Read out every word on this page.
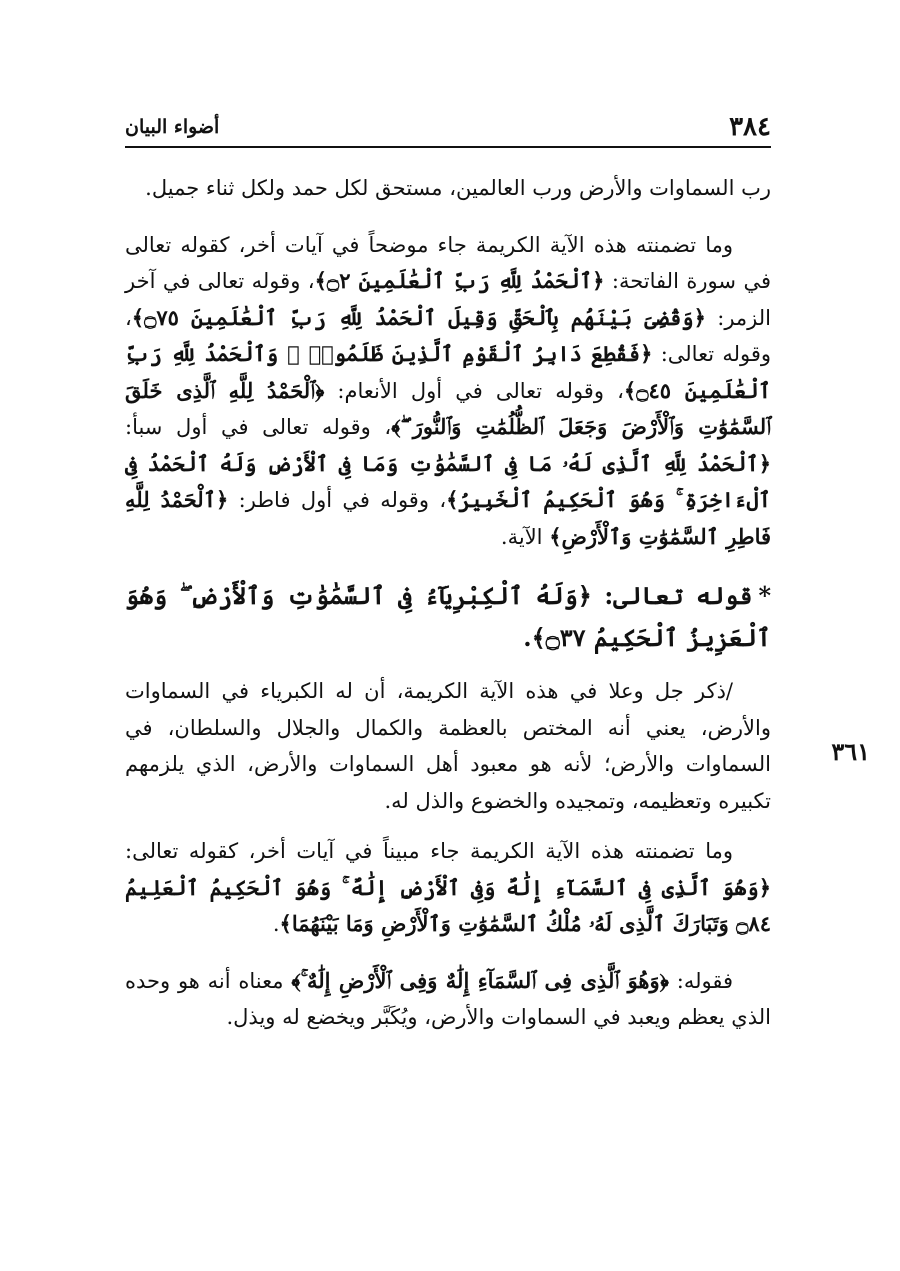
٣٨٤
أضواء البيان
٣٦١

رب السماوات والأرض ورب العالمين، مستحق لكل حمد ولكل ثناء جميل.

وما تضمنته هذه الآية الكريمة جاء موضحاً في آيات أخر، كقوله تعالى في سورة الفاتحة: ﴿ٱلْحَمْدُ لِلَّهِ رَبِّ ٱلْعَٰلَمِينَ ۝٢﴾، وقوله تعالى في آخر الزمر: ﴿وَقُضِىَ بَيْنَهُم بِٱلْحَقِّ وَقِيلَ ٱلْحَمْدُ لِلَّهِ رَبِّ ٱلْعَٰلَمِينَ ۝٧٥﴾، وقوله تعالى: ﴿فَقُطِعَ دَابِرُ ٱلْقَوْمِ ٱلَّذِينَ ظَلَمُوا۟ ۚ وَٱلْحَمْدُ لِلَّهِ رَبِّ ٱلْعَٰلَمِينَ ۝٤٥﴾، وقوله تعالى في أول الأنعام: ﴿ٱلْحَمْدُ لِلَّهِ ٱلَّذِى خَلَقَ ٱلسَّمَٰوَٰتِ وَٱلْأَرْضَ وَجَعَلَ ٱلظُّلُمَٰتِ وَٱلنُّورَ ۖ﴾، وقوله تعالى في أول سبأ: ﴿ٱلْحَمْدُ لِلَّهِ ٱلَّذِى لَهُۥ مَا فِى ٱلسَّمَٰوَٰتِ وَمَا فِى ٱلْأَرْضِ وَلَهُ ٱلْحَمْدُ فِى ٱلْءَاخِرَةِ ۚ وَهُوَ ٱلْحَكِيمُ ٱلْخَبِيرُ﴾، وقوله في أول فاطر: ﴿ٱلْحَمْدُ لِلَّهِ فَاطِرِ ٱلسَّمَٰوَٰتِ وَٱلْأَرْضِ﴾ الآية.

*قوله تعالى: ﴿وَلَهُ ٱلْكِبْرِيَآءُ فِى ٱلسَّمَٰوَٰتِ وَٱلْأَرْضِ ۖ وَهُوَ ٱلْعَزِيزُ ٱلْحَكِيمُ ۝٣٧﴾.

/ذكر جل وعلا في هذه الآية الكريمة، أن له الكبرياء في السماوات والأرض، يعني أنه المختص بالعظمة والكمال والجلال والسلطان، في السماوات والأرض؛ لأنه هو معبود أهل السماوات والأرض، الذي يلزمهم تكبيره وتعظيمه، وتمجيده والخضوع والذل له.

وما تضمنته هذه الآية الكريمة جاء مبيناً في آيات أخر، كقوله تعالى: ﴿وَهُوَ ٱلَّذِى فِى ٱلسَّمَآءِ إِلَٰهٌ وَفِى ٱلْأَرْضِ إِلَٰهٌ ۚ وَهُوَ ٱلْحَكِيمُ ٱلْعَلِيمُ ۝٨٤ وَتَبَارَكَ ٱلَّذِى لَهُۥ مُلْكُ ٱلسَّمَٰوَٰتِ وَٱلْأَرْضِ وَمَا بَيْنَهُمَا﴾.

فقوله: ﴿وَهُوَ ٱلَّذِى فِى ٱلسَّمَآءِ إِلَٰهٌ وَفِى ٱلْأَرْضِ إِلَٰهٌ ۚ﴾ معناه أنه هو وحده الذي يعظم ويعبد في السماوات والأرض، ويُكَبَّر ويخضع له ويذل.
